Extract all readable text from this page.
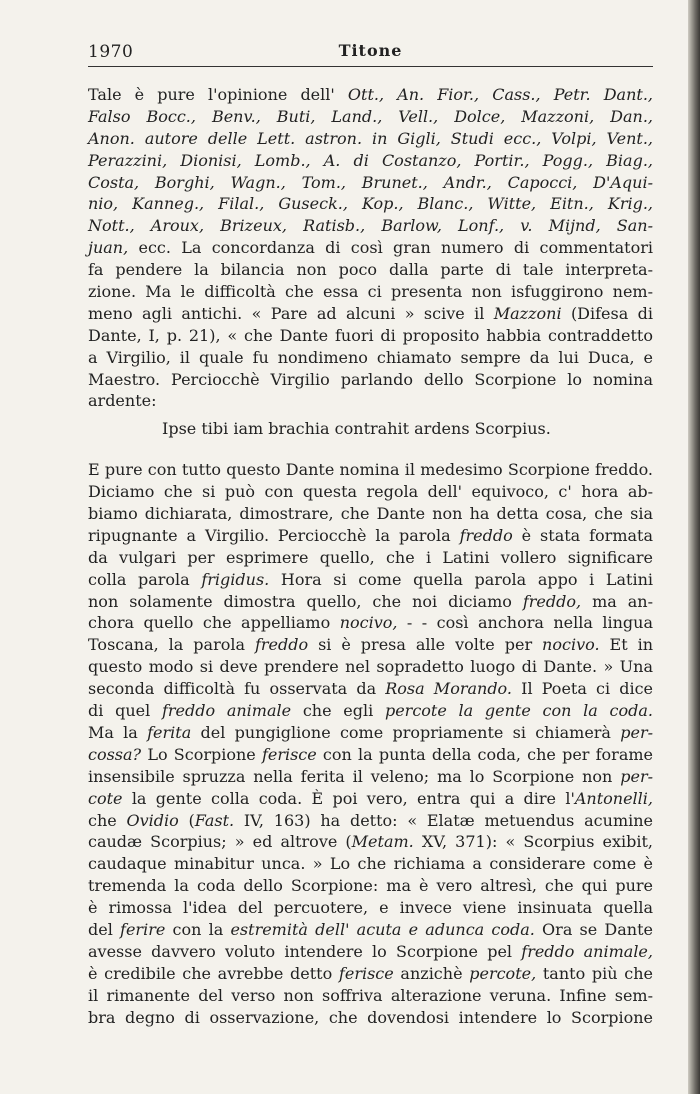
1970	Titone
Tale è pure l'opinione dell' Ott., An. Fior., Cass., Petr. Dant.,
Falso Bocc., Benv., Buti, Land., Vell., Dolce, Mazzoni, Dan.,
Anon. autore delle Lett. astron. in Gigli, Studi ecc., Volpi, Vent.,
Perazzini, Dionisi, Lomb., A. di Costanzo, Portir., Pogg., Biag.,
Costa, Borghi, Wagn., Tom., Brunet., Andr., Capocci, D'Aqui-
nio, Kanneg., Filal., Guseck., Kop., Blanc., Witte, Eitn., Krig.,
Nott., Aroux, Brizeux, Ratisb., Barlow, Lonf., v. Mijnd, San-
juan, ecc. La concordanza di così gran numero di commentatori
fa pendere la bilancia non poco dalla parte di tale interpreta-
zione. Ma le difficoltà che essa ci presenta non isfuggirono nem-
meno agli antichi. « Pare ad alcuni » scive il Mazzoni (Difesa di
Dante, I, p. 21), « che Dante fuori di proposito habbia contraddetto
a Virgilio, il quale fu nondimeno chiamato sempre da lui Duca, e
Maestro. Perciocchè Virgilio parlando dello Scorpione lo nomina
ardente:
Ipse tibi iam brachia contrahit ardens Scorpius.
E pure con tutto questo Dante nomina il medesimo Scorpione freddo.
Diciamo che si può con questa regola dell' equivoco, c' hora ab-
biamo dichiarata, dimostrare, che Dante non ha detta cosa, che sia
ripugnante a Virgilio. Perciocchè la parola freddo è stata formata
da vulgari per esprimere quello, che i Latini vollero significare
colla parola frigidus. Hora si come quella parola appo i Latini
non solamente dimostra quello, che noi diciamo freddo, ma an-
chora quello che appelliamo nocivo, - - così anchora nella lingua
Toscana, la parola freddo si è presa alle volte per nocivo. Et in
questo modo si deve prendere nel sopradetto luogo di Dante. » Una
seconda difficoltà fu osservata da Rosa Morando. Il Poeta ci dice
di quel freddo animale che egli percote la gente con la coda.
Ma la ferita del pungiglione come propriamente si chiamerà per-
cossa? Lo Scorpione ferisce con la punta della coda, che per forame
insensibile spruzza nella ferita il veleno; ma lo Scorpione non per-
cote la gente colla coda. È poi vero, entra qui a dire l'Antonelli,
che Ovidio (Fast. IV, 163) ha detto: « Elatæ metuendus acumine
caudæ Scorpius; » ed altrove (Metam. XV, 371): « Scorpius exibit,
caudaque minabitur unca. » Lo che richiama a considerare come è
tremenda la coda dello Scorpione: ma è vero altresì, che qui pure
è rimossa l'idea del percuotere, e invece viene insinuata quella
del ferire con la estremità dell' acuta e adunca coda. Ora se Dante
avesse davvero voluto intendere lo Scorpione pel freddo animale,
è credibile che avrebbe detto ferisce anzichè percote, tanto più che
il rimanente del verso non soffriva alterazione veruna. Infine sem-
bra degno di osservazione, che dovendosi intendere lo Scorpione
